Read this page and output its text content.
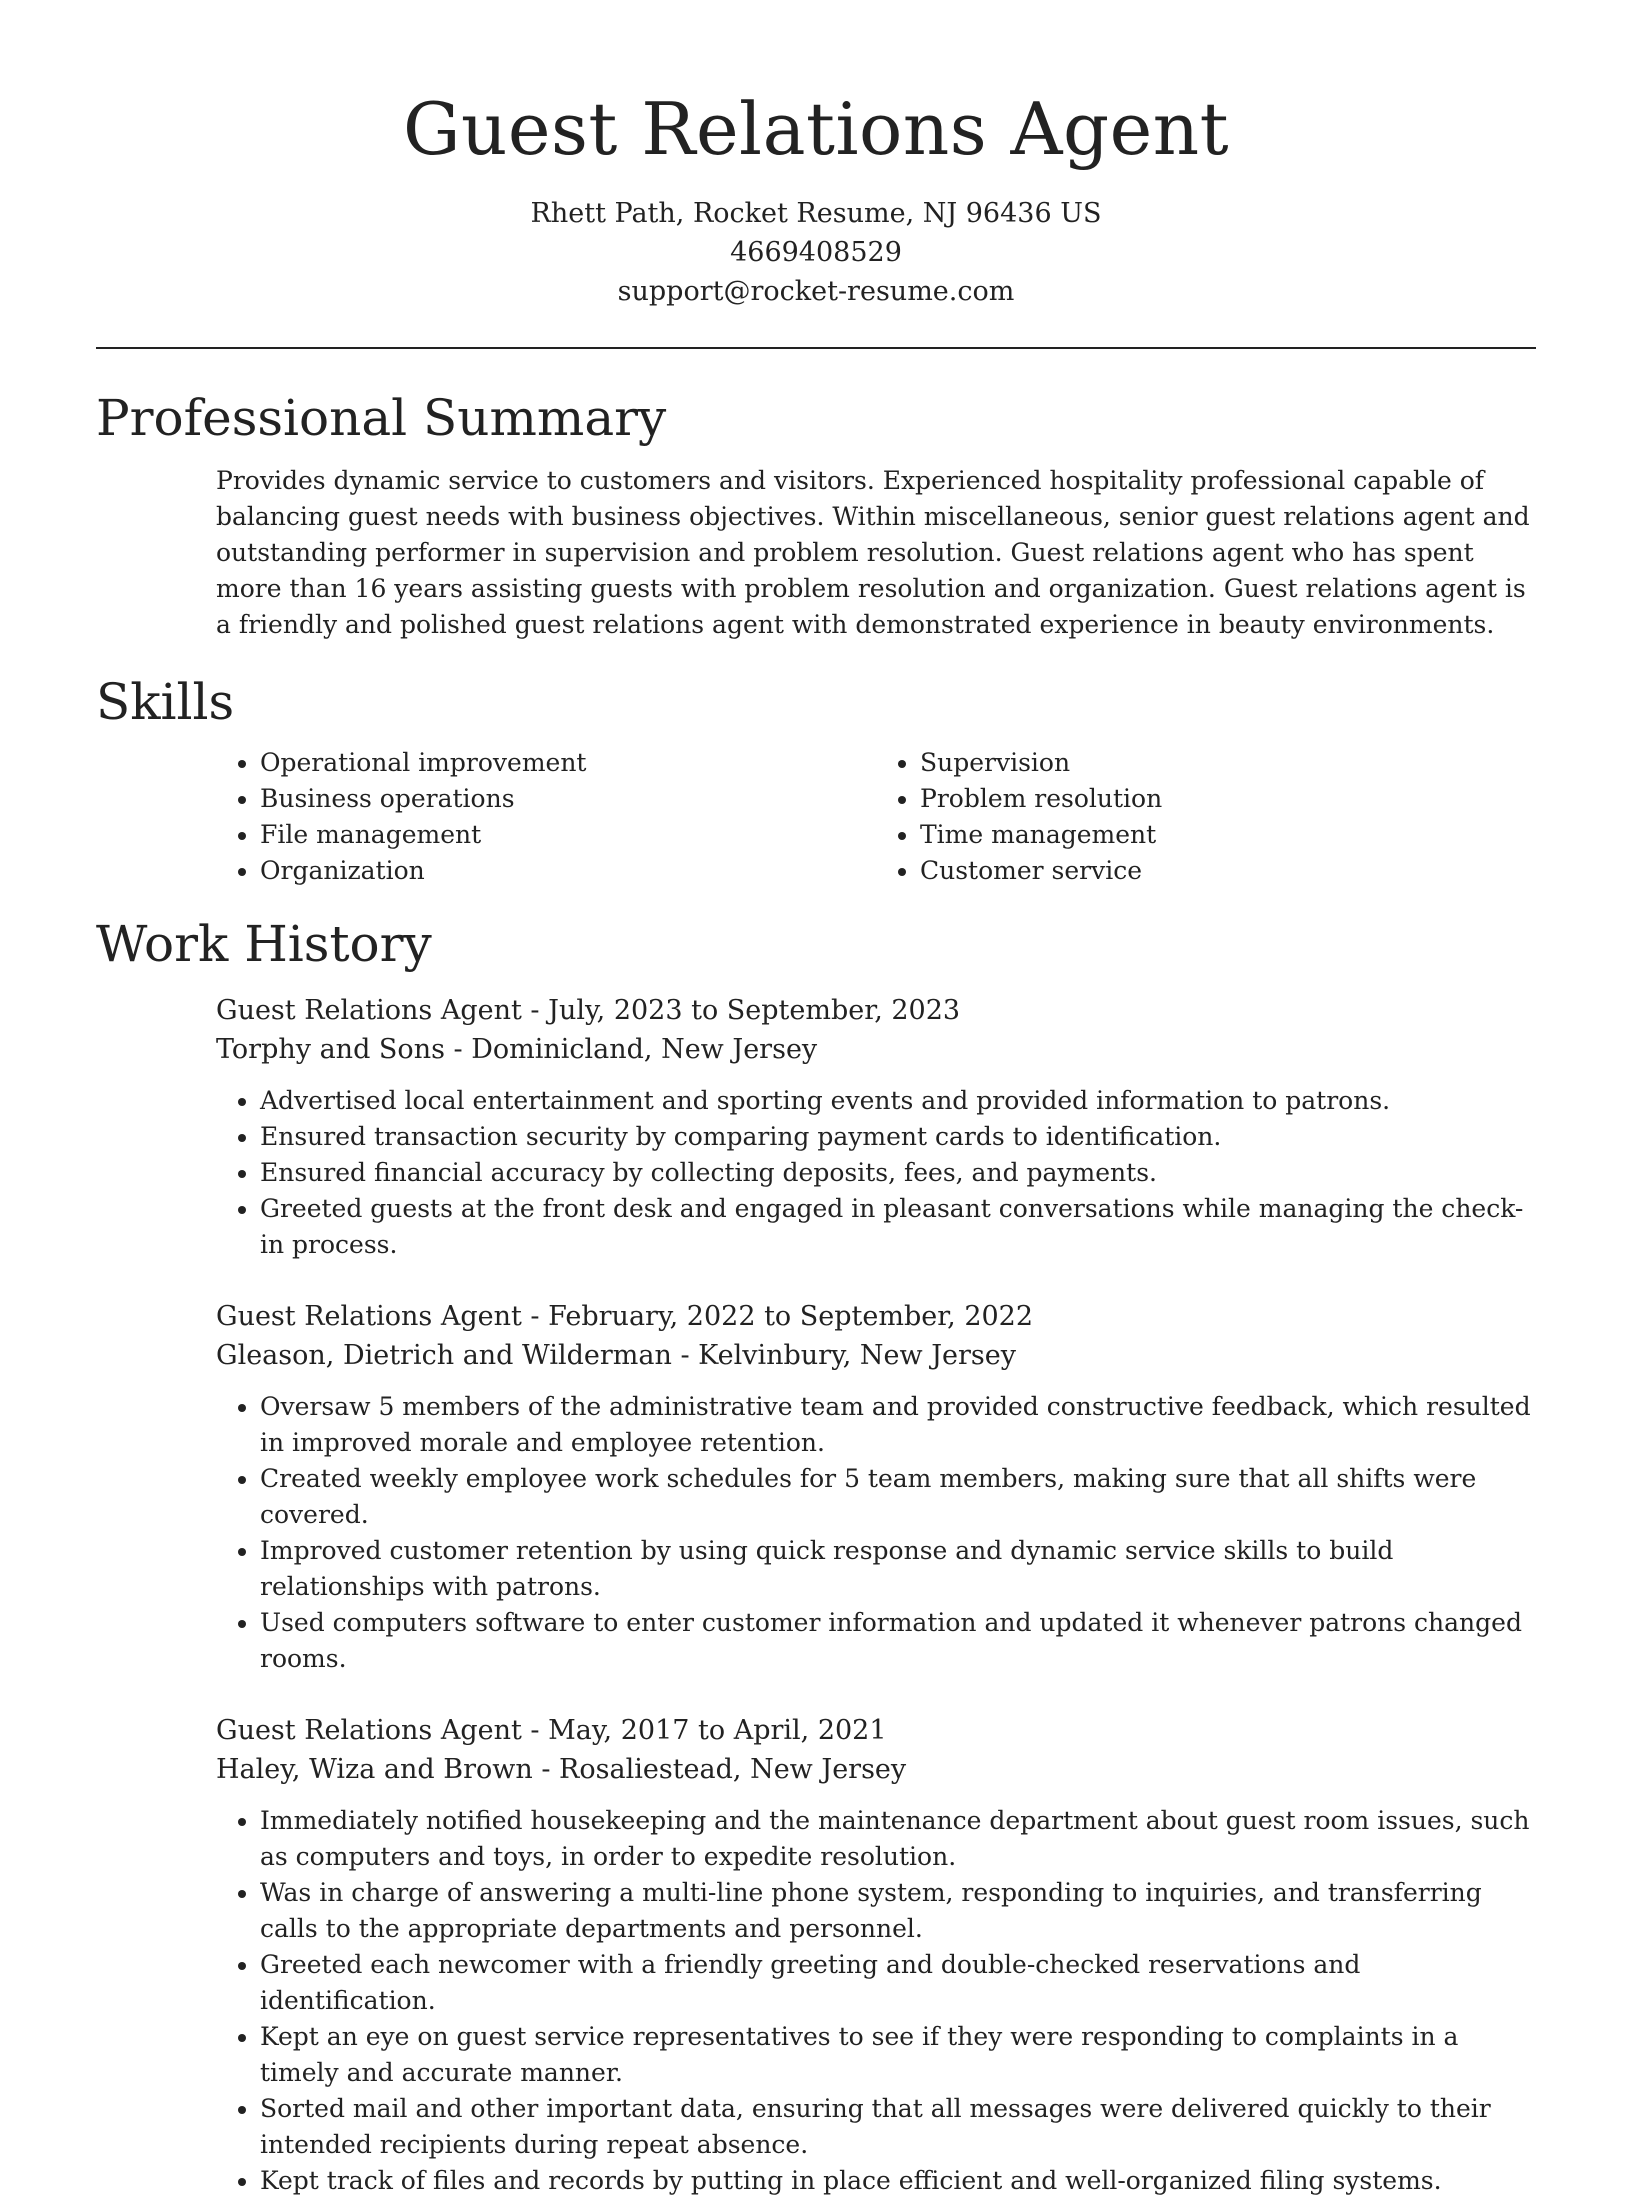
Guest Relations Agent
Rhett Path, Rocket Resume, NJ 96436 US
4669408529
support@rocket-resume.com
Professional Summary

Provides dynamic service to customers and visitors. Experienced hospitality professional capable of balancing guest needs with business objectives. Within miscellaneous, senior guest relations agent and outstanding performer in supervision and problem resolution. Guest relations agent who has spent more than 16 years assisting guests with problem resolution and organization. Guest relations agent is a friendly and polished guest relations agent with demonstrated experience in beauty environments.

Skills
• Operational improvement
• Business operations
• File management
• Organization
• Supervision
• Problem resolution
• Time management
• Customer service
Work History
Guest Relations Agent - July, 2023 to September, 2023
Torphy and Sons - Dominicland, New Jersey
• Advertised local entertainment and sporting events and provided information to patrons.
• Ensured transaction security by comparing payment cards to identification.
• Ensured financial accuracy by collecting deposits, fees, and payments.
• Greeted guests at the front desk and engaged in pleasant conversations while managing the check-in process.
Guest Relations Agent - February, 2022 to September, 2022
Gleason, Dietrich and Wilderman - Kelvinbury, New Jersey
• Oversaw 5 members of the administrative team and provided constructive feedback, which resulted in improved morale and employee retention.
• Created weekly employee work schedules for 5 team members, making sure that all shifts were covered.
• Improved customer retention by using quick response and dynamic service skills to build relationships with patrons.
• Used computers software to enter customer information and updated it whenever patrons changed rooms.
Guest Relations Agent - May, 2017 to April, 2021
Haley, Wiza and Brown - Rosaliestead, New Jersey
• Immediately notified housekeeping and the maintenance department about guest room issues, such as computers and toys, in order to expedite resolution.
• Was in charge of answering a multi-line phone system, responding to inquiries, and transferring calls to the appropriate departments and personnel.
• Greeted each newcomer with a friendly greeting and double-checked reservations and identification.
• Kept an eye on guest service representatives to see if they were responding to complaints in a timely and accurate manner.
• Sorted mail and other important data, ensuring that all messages were delivered quickly to their intended recipients during repeat absence.
• Kept track of files and records by putting in place efficient and well-organized filing systems.
